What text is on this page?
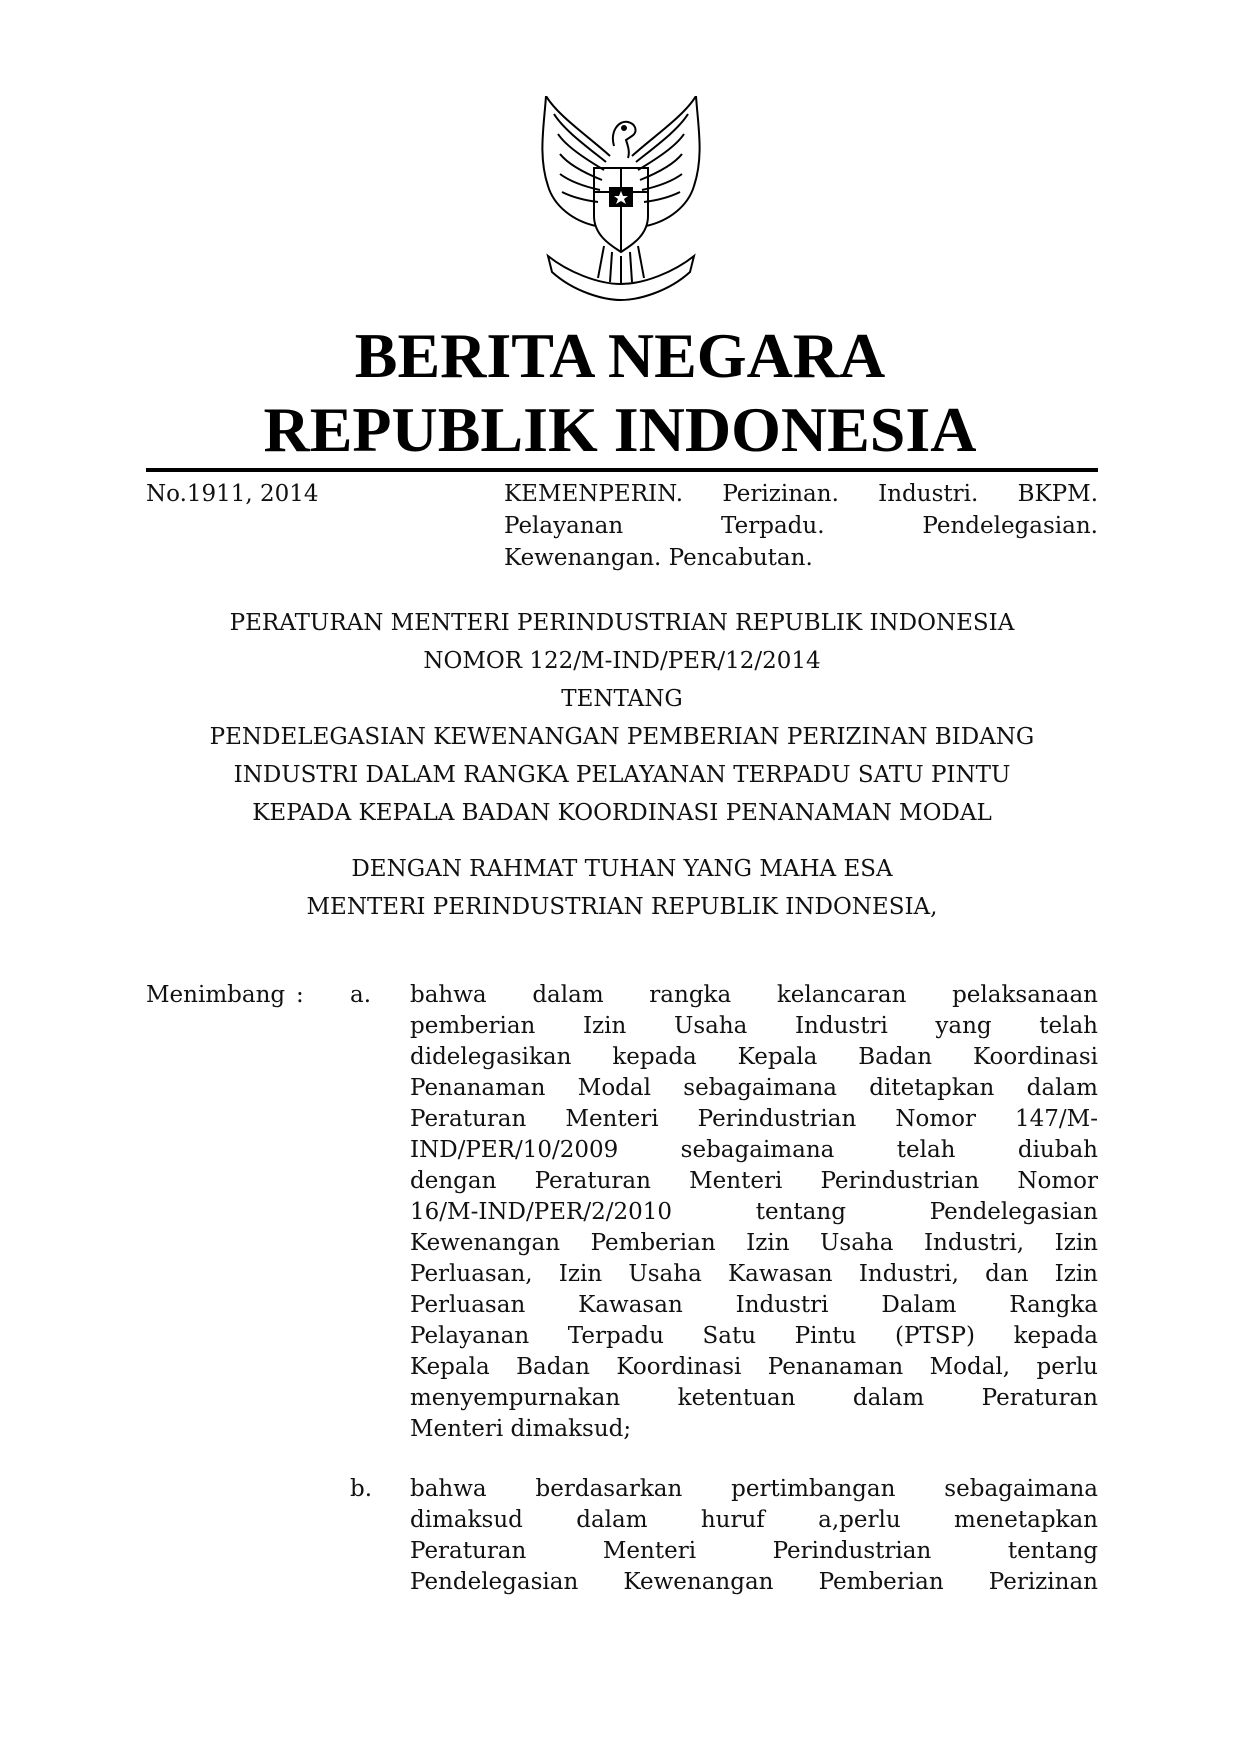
BERITA NEGARA
REPUBLIK INDONESIA
No.1911, 2014	KEMENPERIN. Perizinan. Industri. BKPM.
Pelayanan Terpadu. Pendelegasian.
Kewenangan. Pencabutan.
PERATURAN MENTERI PERINDUSTRIAN REPUBLIK INDONESIA
NOMOR 122/M-IND/PER/12/2014
TENTANG
PENDELEGASIAN KEWENANGAN PEMBERIAN PERIZINAN BIDANG
INDUSTRI DALAM RANGKA PELAYANAN TERPADU SATU PINTU
KEPADA KEPALA BADAN KOORDINASI PENANAMAN MODAL
DENGAN RAHMAT TUHAN YANG MAHA ESA
MENTERI PERINDUSTRIAN REPUBLIK INDONESIA,
Menimbang : a. bahwa dalam rangka kelancaran pelaksanaan
pemberian Izin Usaha Industri yang telah
didelegasikan kepada Kepala Badan Koordinasi
Penanaman Modal sebagaimana ditetapkan dalam
Peraturan Menteri Perindustrian Nomor 147/M-
IND/PER/10/2009 sebagaimana telah diubah
dengan Peraturan Menteri Perindustrian Nomor
16/M-IND/PER/2/2010 tentang Pendelegasian
Kewenangan Pemberian Izin Usaha Industri, Izin
Perluasan, Izin Usaha Kawasan Industri, dan Izin
Perluasan Kawasan Industri Dalam Rangka
Pelayanan Terpadu Satu Pintu (PTSP) kepada
Kepala Badan Koordinasi Penanaman Modal, perlu
menyempurnakan ketentuan dalam Peraturan
Menteri dimaksud;
b. bahwa berdasarkan pertimbangan sebagaimana
dimaksud dalam huruf a,perlu menetapkan
Peraturan Menteri Perindustrian tentang
Pendelegasian Kewenangan Pemberian Perizinan
